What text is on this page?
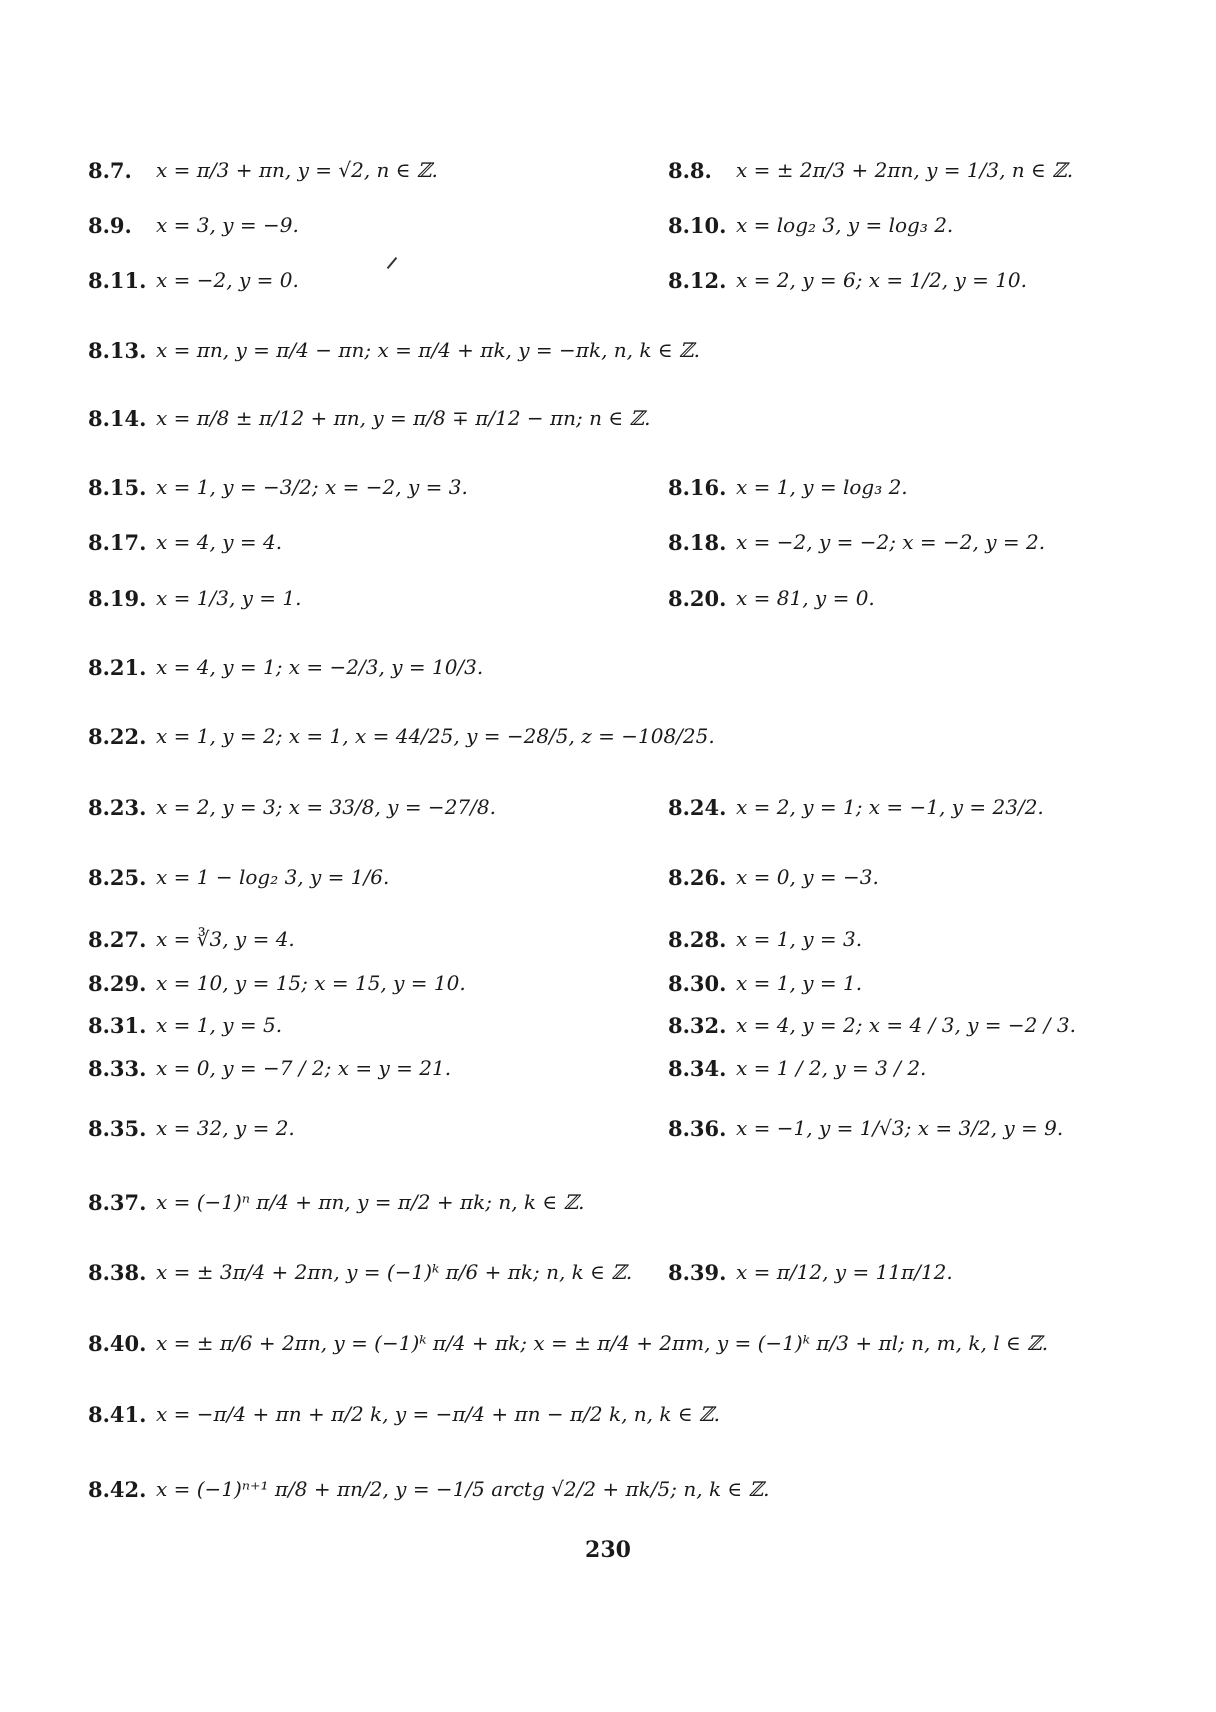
8.7.	x = π/3 + πn, y = √2, n ∈ ℤ.	8.8.	x = ± 2π/3 + 2πn, y = 1/3, n ∈ ℤ.
8.9.	x = 3, y = −9.	8.10. x = log₂ 3, y = log₃ 2.
8.11. x = −2, y = 0.	8.12. x = 2, y = 6; x = 1/2, y = 10.
8.13. x = πn, y = π/4 − πn; x = π/4 + πk, y = −πk, n, k ∈ ℤ.
8.14. x = π/8 ± π/12 + πn, y = π/8 ∓ π/12 − πn; n ∈ ℤ.
8.15. x = 1, y = −3/2; x = −2, y = 3.	8.16. x = 1, y = log₃ 2.
8.17. x = 4, y = 4.	8.18. x = −2, y = −2; x = −2, y = 2.
8.19. x = 1/3, y = 1.	8.20. x = 81, y = 0.
8.21. x = 4, y = 1; x = −2/3, y = 10/3.
8.22. x = 1, y = 2; x = 1, x = 44/25, y = −28/5, z = −108/25.
8.23. x = 2, y = 3; x = 33/8, y = −27/8.	8.24. x = 2, y = 1; x = −1, y = 23/2.
8.25. x = 1 − log₂ 3, y = 1/6.	8.26. x = 0, y = −3.
8.27. x = ∛3, y = 4.	8.28. x = 1, y = 3.
8.29. x = 10, y = 15; x = 15, y = 10.	8.30. x = 1, y = 1.
8.31. x = 1, y = 5.	8.32. x = 4, y = 2; x = 4 / 3, y = −2 / 3.
8.33. x = 0, y = −7 / 2; x = y = 21.	8.34. x = 1 / 2, y = 3 / 2.
8.35. x = 32, y = 2.	8.36. x = −1, y = 1/√3; x = 3/2, y = 9.
8.37. x = (−1)ⁿ π/4 + πn, y = π/2 + πk; n, k ∈ ℤ.
8.38. x = ± 3π/4 + 2πn, y = (−1)ᵏ π/6 + πk; n, k ∈ ℤ. 8.39. x = π/12, y = 11π/12.
8.40. x = ± π/6 + 2πn, y = (−1)ᵏ π/4 + πk; x = ± π/4 + 2πm, y = (−1)ᵏ π/3 + πl; n, m, k, l ∈ ℤ.
8.41. x = −π/4 + πn + π/2 k, y = −π/4 + πn − π/2 k, n, k ∈ ℤ.
8.42. x = (−1)ⁿ⁺¹ π/8 + πn/2, y = −1/5 arctg √2/2 + πk/5; n, k ∈ ℤ.
230
